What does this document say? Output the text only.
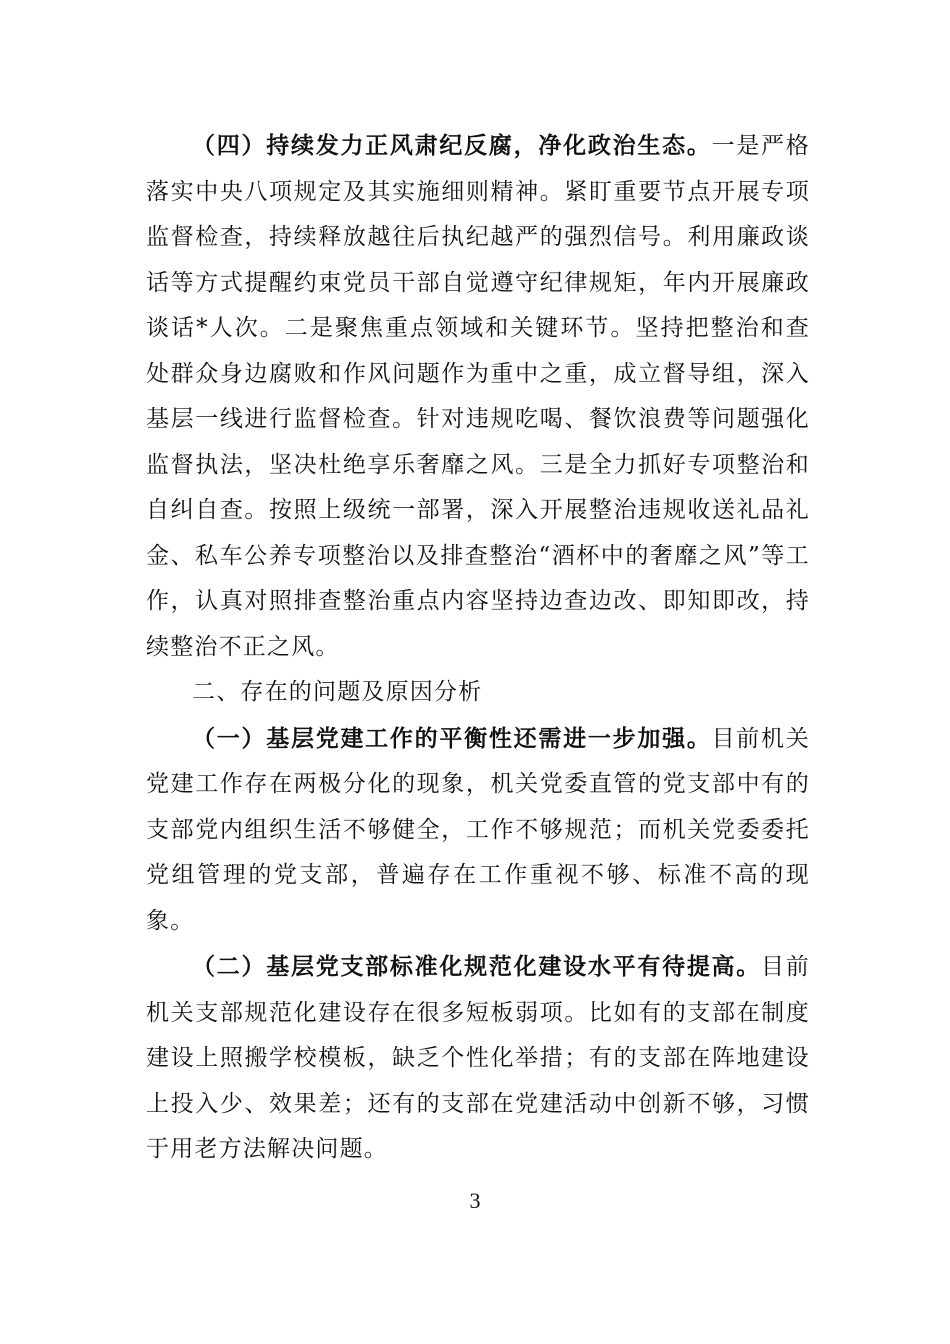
（四）持续发力正风肃纪反腐，净化政治生态。一是严格落实中央八项规定及其实施细则精神。紧盯重要节点开展专项监督检查，持续释放越往后执纪越严的强烈信号。利用廉政谈话等方式提醒约束党员干部自觉遵守纪律规矩，年内开展廉政谈话*人次。二是聚焦重点领域和关键环节。坚持把整治和查处群众身边腐败和作风问题作为重中之重，成立督导组，深入基层一线进行监督检查。针对违规吃喝、餐饮浪费等问题强化监督执法，坚决杜绝享乐奢靡之风。三是全力抓好专项整治和自纠自查。按照上级统一部署，深入开展整治违规收送礼品礼金、私车公养专项整治以及排查整治“酒杯中的奢靡之风”等工作，认真对照排查整治重点内容坚持边查边改、即知即改，持续整治不正之风。

二、存在的问题及原因分析

（一）基层党建工作的平衡性还需进一步加强。目前机关党建工作存在两极分化的现象，机关党委直管的党支部中有的支部党内组织生活不够健全，工作不够规范；而机关党委委托党组管理的党支部，普遍存在工作重视不够、标准不高的现象。

（二）基层党支部标准化规范化建设水平有待提高。目前机关支部规范化建设存在很多短板弱项。比如有的支部在制度建设上照搬学校模板，缺乏个性化举措；有的支部在阵地建设上投入少、效果差；还有的支部在党建活动中创新不够，习惯于用老方法解决问题。

3
